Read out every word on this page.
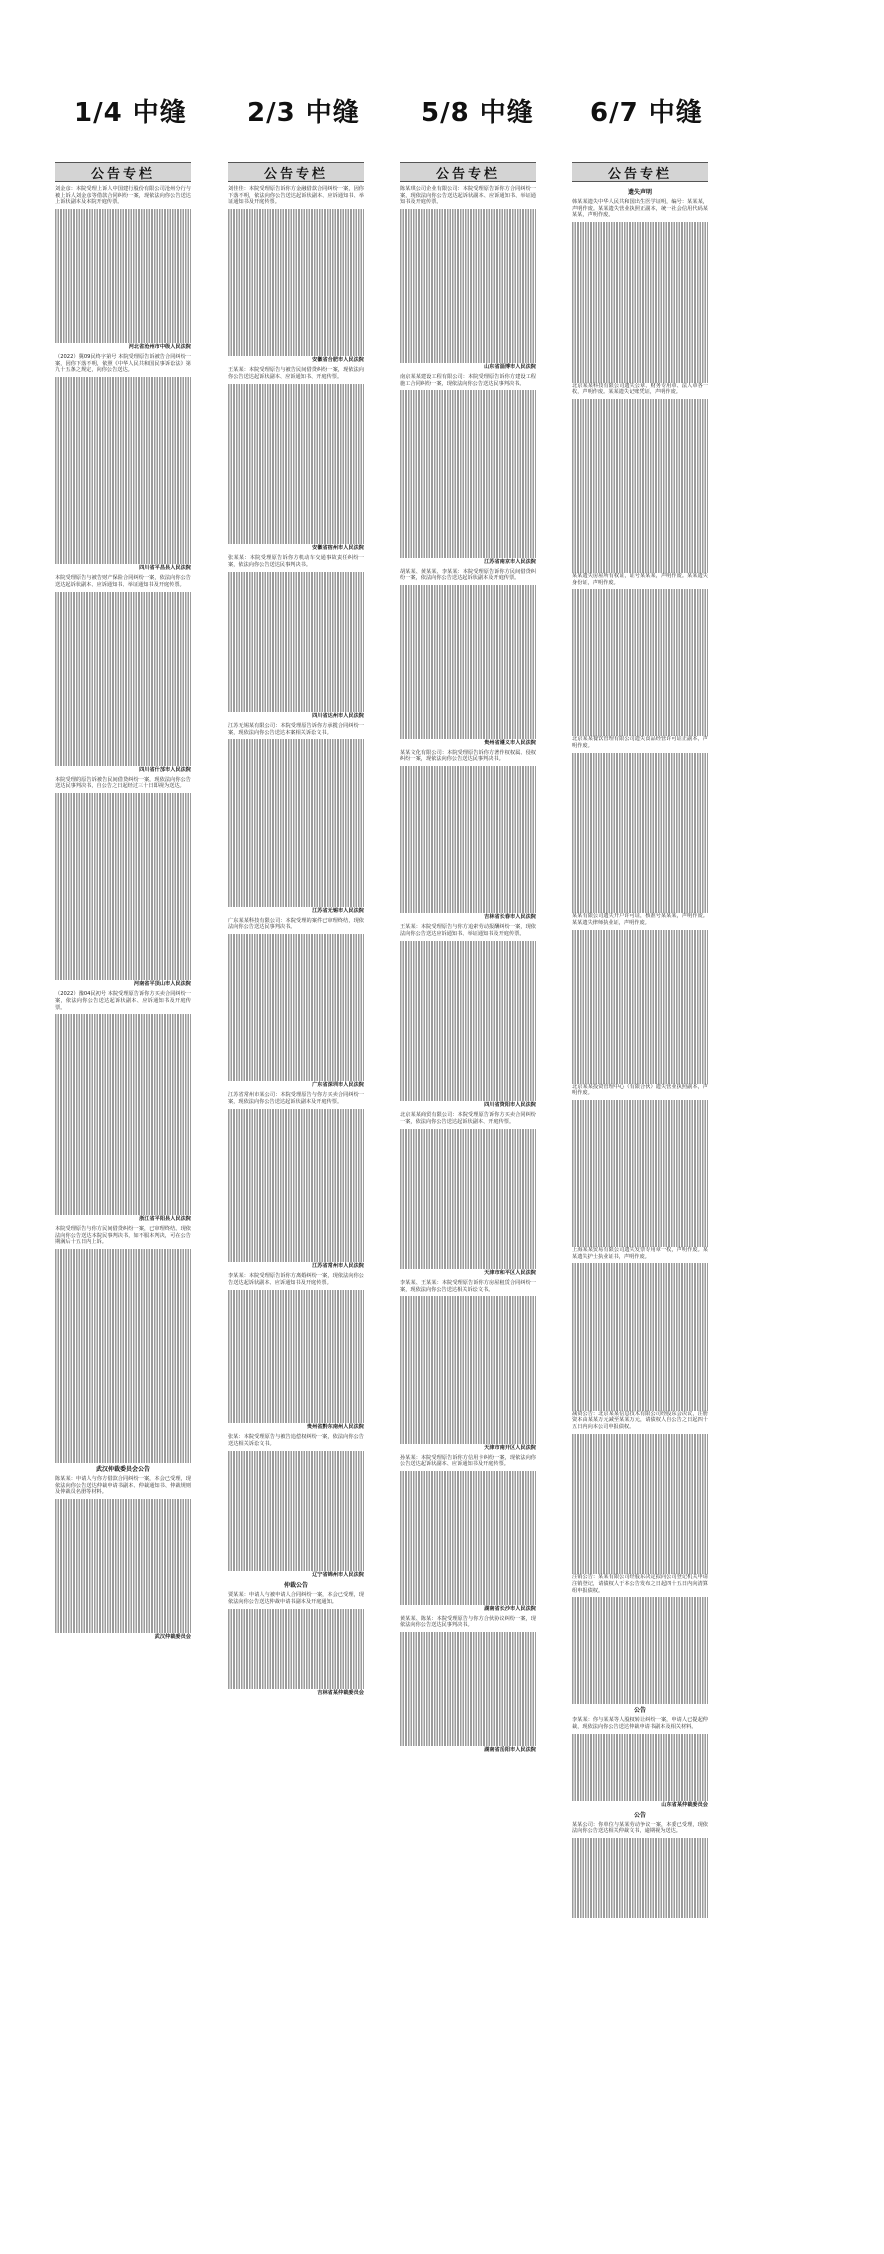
1/4 中缝 2/3 中缝 5/8 中缝 6/7 中缝
公告专栏

刘金彦：本院受理上诉人中国建行股份有限公司沧州分行与被上诉人刘金彦等借款合同纠纷一案，现依法向你公告送达上诉状副本及本院开庭传票。

河北省沧州市中级人民法院

（2022）冀09民终字第号 本院受理原告诉被告合同纠纷一案，因你下落不明，依照《中华人民共和国民事诉讼法》第九十五条之规定，向你公告送达。

四川省平昌县人民法院

本院受理原告与被告财产保险合同纠纷一案，依法向你公告送达起诉状副本、应诉通知书、举证通知书及开庭传票。

四川省什邡市人民法院

本院受理的原告诉被告民间借贷纠纷一案，现依法向你公告送达民事判决书，自公告之日起经过三十日即视为送达。

河南省平顶山市人民法院

（2022）豫04民初号 本院受理原告诉你方买卖合同纠纷一案，依法向你公告送达起诉状副本、应诉通知书及开庭传票。

浙江省平阳县人民法院

本院受理原告与你方民间借贷纠纷一案，已审理终结。现依法向你公告送达本院民事判决书，如不服本判决，可在公告期满后十五日内上诉。

武汉仲裁委员会公告

陈某某：申请人与你方借款合同纠纷一案，本会已受理，现依法向你公告送达仲裁申请书副本、仲裁通知书、仲裁规则及仲裁员名册等材料。

武汉仲裁委员会
公告专栏

刘佳佳：本院受理原告诉你方金融借款合同纠纷一案，因你下落不明，依法向你公告送达起诉状副本、应诉通知书、举证通知书及开庭传票。

安徽省合肥市人民法院

王某某：本院受理原告与被告民间借贷纠纷一案，现依法向你公告送达起诉状副本、应诉通知书、开庭传票。

安徽省宿州市人民法院

张某某：本院受理原告诉你方机动车交通事故责任纠纷一案，依法向你公告送达民事判决书。

四川省达州市人民法院

江苏无锡某有限公司：本院受理原告诉你方承揽合同纠纷一案，现依法向你公告送达本案相关诉讼文书。

江苏省无锡市人民法院

广东某某科技有限公司：本院受理的案件已审理终结，现依法向你公告送达民事判决书。

广东省深圳市人民法院

江苏省常州市某公司：本院受理原告与你方买卖合同纠纷一案，现依法向你公告送达起诉状副本及开庭传票。

江苏省常州市人民法院

李某某：本院受理原告诉你方离婚纠纷一案，现依法向你公告送达起诉状副本、应诉通知书及开庭传票。

贵州省黔东南州人民法院

张某：本院受理原告与被告追偿权纠纷一案，依法向你公告送达相关诉讼文书。

辽宁省锦州市人民法院
仲裁公告

贾某某：申请人与被申请人合同纠纷一案，本会已受理，现依法向你公告送达仲裁申请书副本及开庭通知。

吉林省某仲裁委员会
公告专栏

陈某琪公司企业有限公司：本院受理原告诉你方合同纠纷一案，现依法向你公告送达起诉状副本、应诉通知书、举证通知书及开庭传票。

山东省淄博市人民法院

南京某某建设工程有限公司：本院受理原告诉你方建设工程施工合同纠纷一案，现依法向你公告送达民事判决书。

江苏省南京市人民法院

胡某某、黄某某、李某某：本院受理原告诉你方民间借贷纠纷一案，依法向你公告送达起诉状副本及开庭传票。

贵州省遵义市人民法院

某某文化有限公司：本院受理原告诉你方著作权权属、侵权纠纷一案，现依法向你公告送达民事判决书。

吉林省长春市人民法院

王某某：本院受理原告与你方追索劳动报酬纠纷一案，现依法向你公告送达应诉通知书、举证通知书及开庭传票。

四川省资阳市人民法院

北京某某商贸有限公司：本院受理原告诉你方买卖合同纠纷一案，依法向你公告送达起诉状副本、开庭传票。

天津市和平区人民法院

李某某、王某某：本院受理原告诉你方房屋租赁合同纠纷一案，现依法向你公告送达相关诉讼文书。

天津市南开区人民法院

孙某某：本院受理原告诉你方信用卡纠纷一案，现依法向你公告送达起诉状副本、应诉通知书及开庭传票。

湖南省长沙市人民法院

黄某某、陈某：本院受理原告与你方合伙协议纠纷一案，现依法向你公告送达民事判决书。

湖南省岳阳市人民法院
公告专栏
遗失声明

韩某某遗失中华人民共和国出生医学证明，编号：某某某，声明作废。某某遗失营业执照正副本，统一社会信用代码某某某，声明作废。

北京某某科技有限公司遗失公章、财务专用章、法人章各一枚，声明作废。某某遗失记账凭证，声明作废。

某某遗失房屋所有权证，证号某某某，声明作废。某某遗失身份证，声明作废。

北京某某餐饮管理有限公司遗失食品经营许可证正副本，声明作废。

某某有限公司遗失开户许可证，核准号某某某，声明作废。某某遗失律师执业证，声明作废。

北京某某投资管理中心（有限合伙）遗失营业执照副本，声明作废。

上海某某贸易有限公司遗失发票专用章一枚，声明作废。某某遗失护士执业证书，声明作废。

减资公告：北京某某信息技术有限公司经股东会决议，注册资本由某某万元减至某某万元，请债权人自公告之日起四十五日内向本公司申报债权。

注销公告：某某有限公司经股东决定拟向公司登记机关申请注销登记，请债权人于本公告发布之日起四十五日内向清算组申报债权。

公告

李某某：你与某某等人股权转让纠纷一案，申请人已提起仲裁，现依法向你公告送达仲裁申请书副本及相关材料。

山东省某仲裁委员会
公告

某某公司：你单位与某某劳动争议一案，本委已受理，现依法向你公告送达相关仲裁文书，逾期视为送达。
